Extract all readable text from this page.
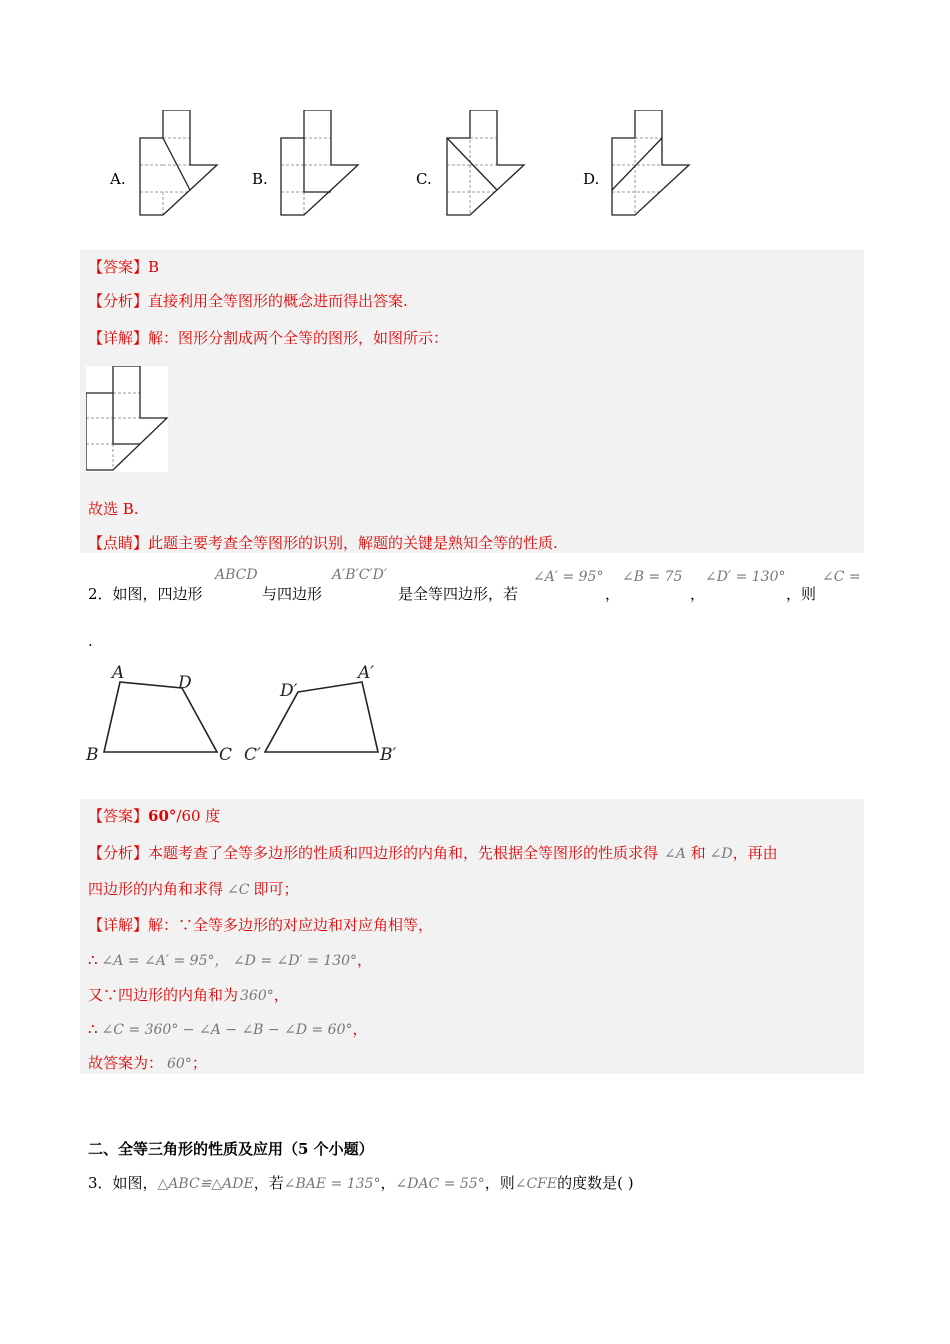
A.	B.	C.	D.
【答案】B
【分析】直接利用全等图形的概念进而得出答案.
【详解】解：图形分割成两个全等的图形，如图所示：
故选 B.
【点睛】此题主要考查全等图形的识别，解题的关键是熟知全等的性质.
2．如图，四边形
ABCD
与四边形
A′B′C′D′
是全等四边形，若
∠A′ = 95°
，
∠B = 75
，
∠D′ = 130°
，则
∠C =
.
A	D
B	C
D′
A′
C′	B′
【答案】60°/60 度
【分析】本题考查了全等多边形的性质和四边形的内角和，先根据全等图形的性质求得 ∠A 和 ∠D，再由
四边形的内角和求得 ∠C 即可；
【详解】解：∵全等多边形的对应边和对应角相等，
∴ ∠A = ∠A′ = 95°， ∠D = ∠D′ = 130°，
又∵四边形的内角和为 360°，
∴ ∠C = 360° − ∠A − ∠B − ∠D = 60°，
故答案为： 60°；
二、全等三角形的性质及应用（5 个小题）
3．如图，△ABC≌△ADE，若∠BAE = 135°，∠DAC = 55°，则∠CFE的度数是( )
